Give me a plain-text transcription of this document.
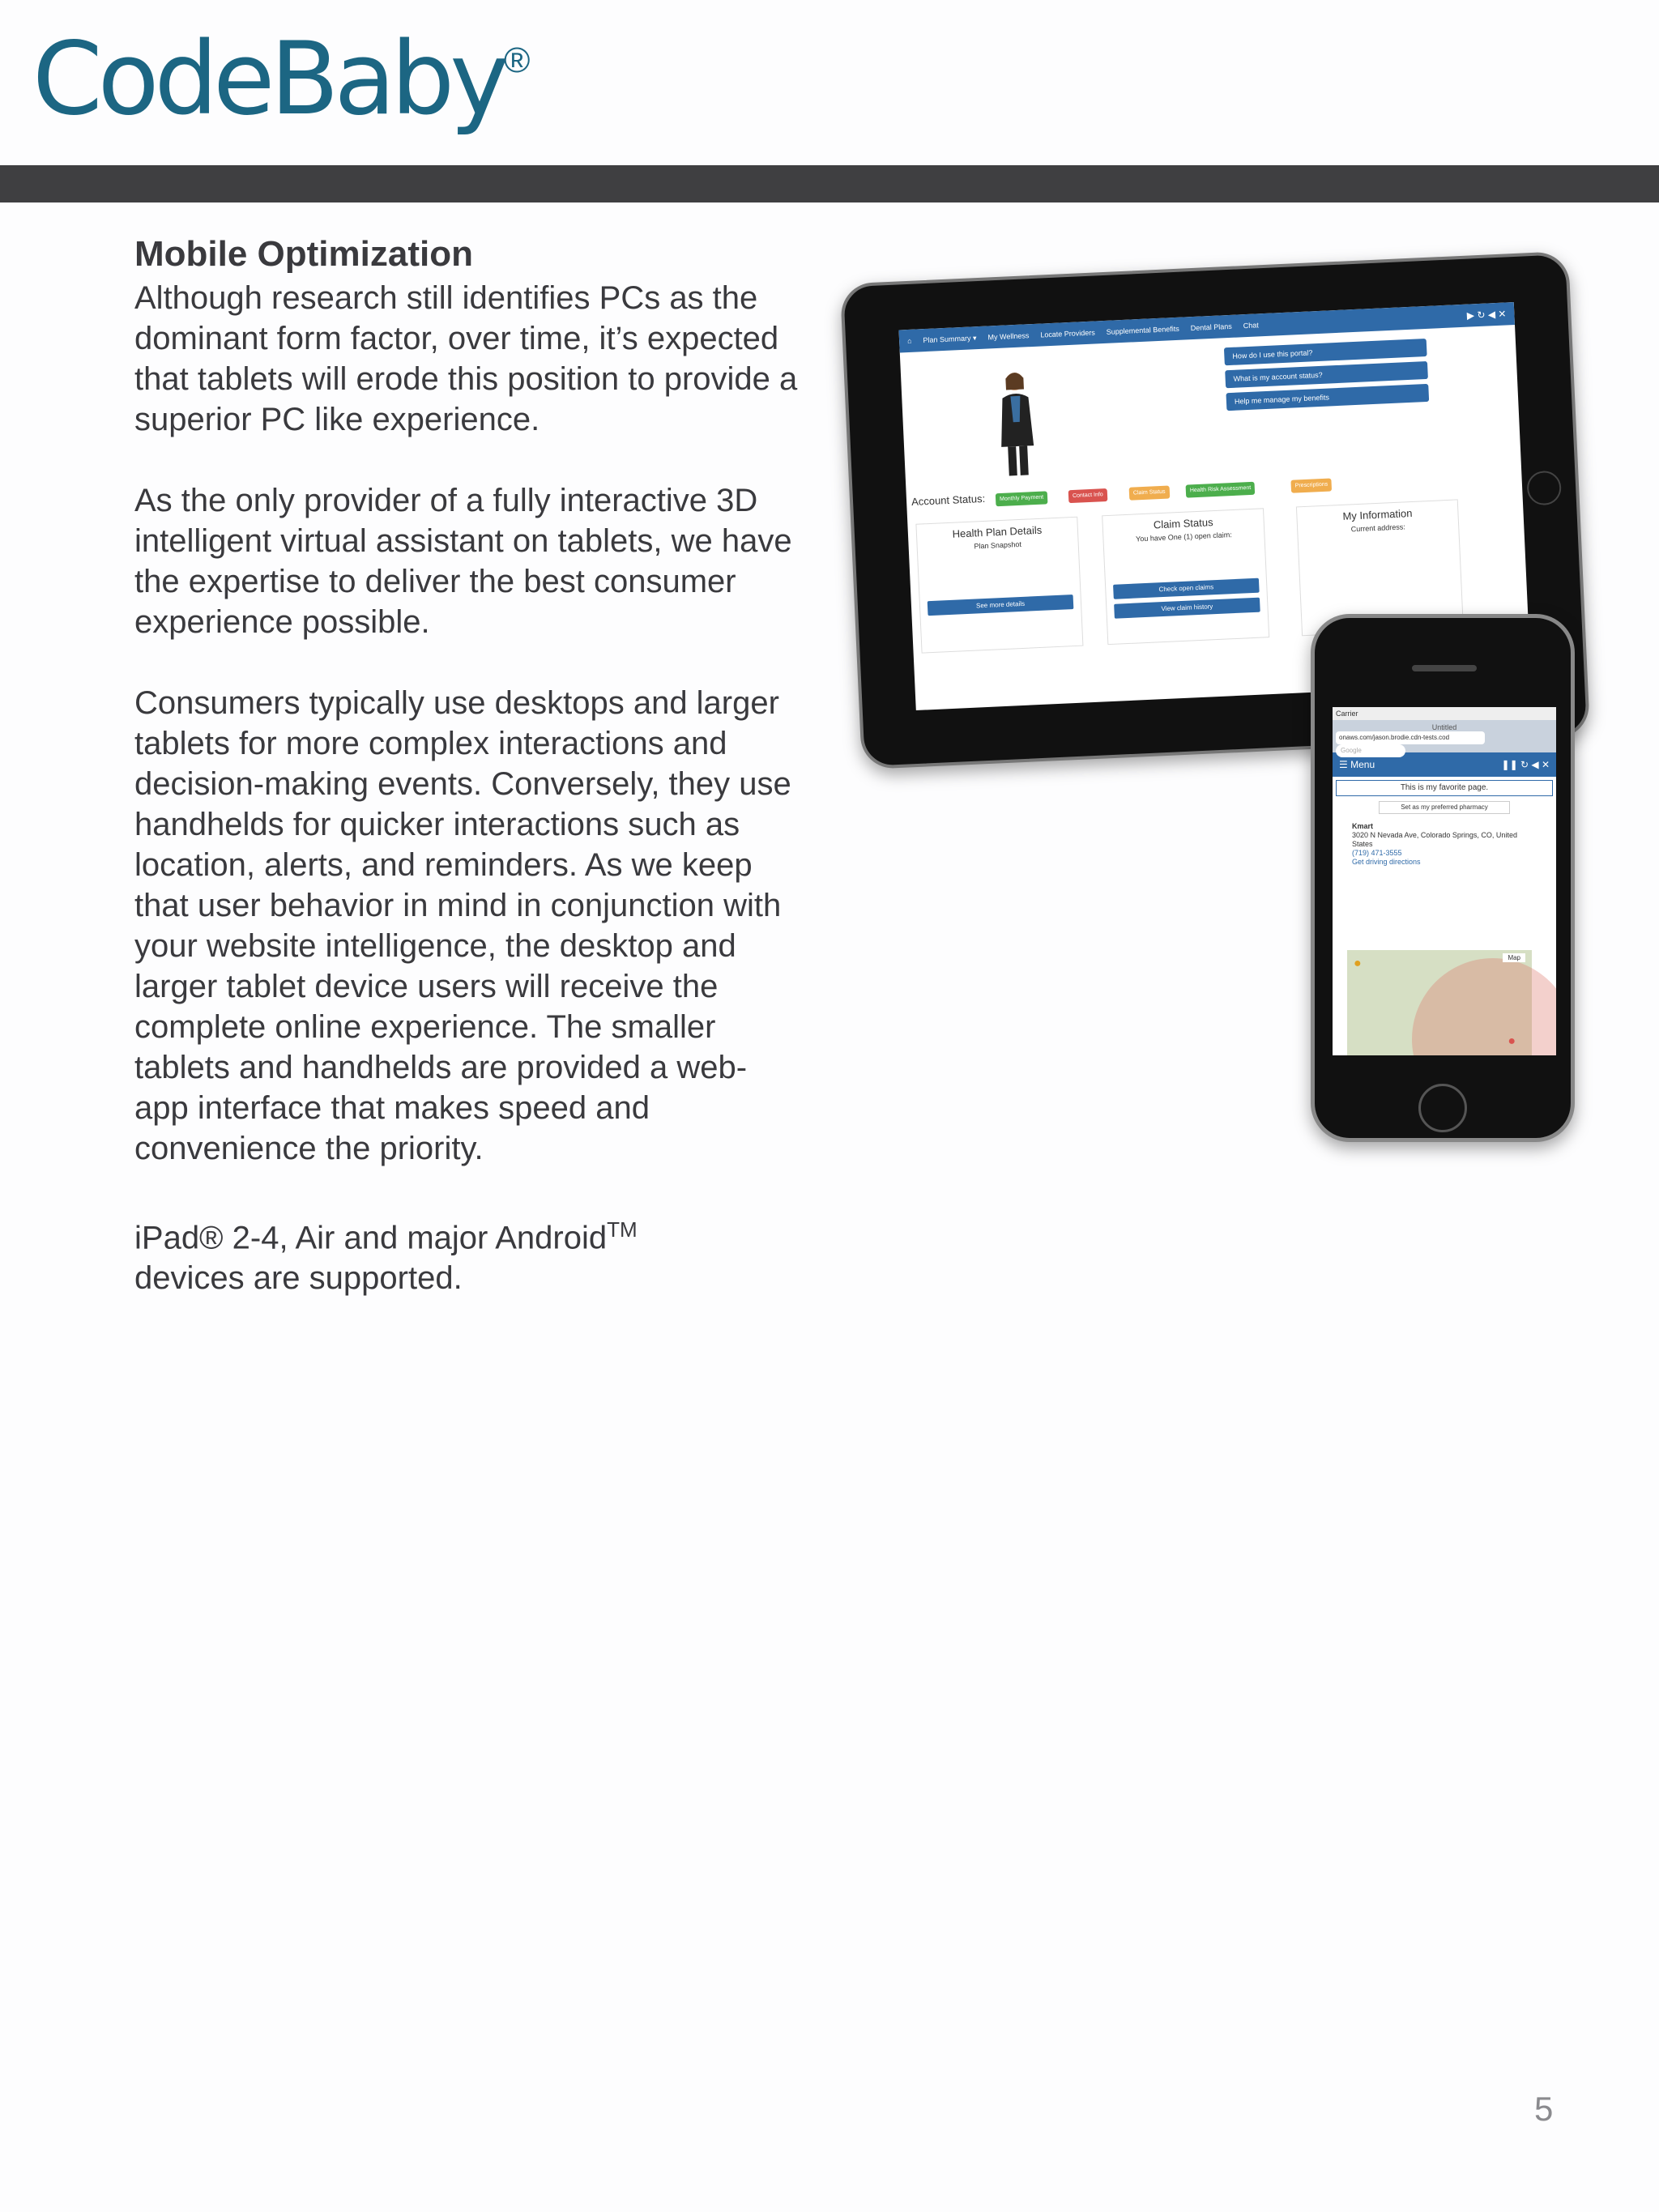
CodeBaby ®
Mobile Optimization

Although research still identifies PCs as the
dominant form factor, over time, it’s expected
that tablets will erode this position to provide a
superior PC like experience.

As the only provider of a fully interactive 3D
intelligent virtual assistant on tablets, we have
the expertise to deliver the best consumer
experience possible.

Consumers typically use desktops and larger
tablets for more complex interactions and
decision-making events. Conversely, they use
handhelds for quicker interactions such as
location, alerts, and reminders. As we keep
that user behavior in mind in conjunction with
your website intelligence, the desktop and
larger tablet device users will receive the
complete online experience. The smaller
tablets and handhelds are provided a web-
app interface that makes speed and
convenience the priority.

iPad® 2-4, Air and major Android™
devices are supported.

⌂ Plan Summary ▾ My Wellness Locate Providers Supplemental Benefits Dental Plans Chat
▶ ↻ ◀ ✕
How do I use this portal?
What is my account status?
Help me manage my benefits
Account Status:	Monthly Payment	Contact Info	Claim Status	Health Risk Assessment	Prescriptions
Health Plan Details
Plan Snapshot
See more details
Claim Status
You have One (1) open claim:
Check open claims
View claim history
My Information
Current address:
Carrier
Untitled
onaws.com/jason.brodie.cdn-tests.cod Google
☰ Menu	❚❚ ↻ ◀ ✕
This is my favorite page.
Set as my preferred pharmacy
Kmart
3020 N Nevada Ave, Colorado Springs, CO, United States
(719) 471-3555
Get driving directions
Map
●
●
5
